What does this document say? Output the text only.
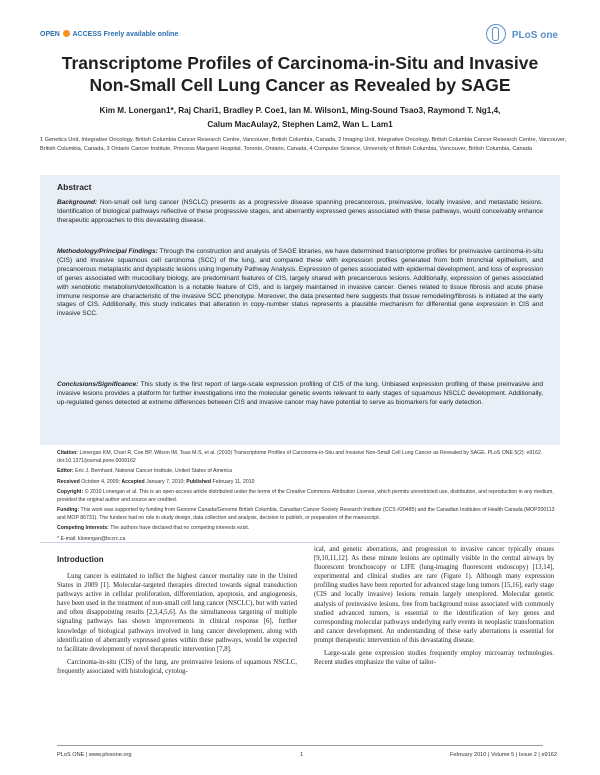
OPEN ACCESS Freely available online	PLoS one
Transcriptome Profiles of Carcinoma-in-Situ and Invasive
Non-Small Cell Lung Cancer as Revealed by SAGE
Kim M. Lonergan1*, Raj Chari1, Bradley P. Coe1, Ian M. Wilson1, Ming-Sound Tsao3, Raymond T. Ng1,4,
Calum MacAulay2, Stephen Lam2, Wan L. Lam1
1 Genetics Unit, Integrative Oncology, British Columbia Cancer Research Centre, Vancouver, British Columbia, Canada, 2 Imaging Unit, Integrative Oncology, British Columbia Cancer Research Centre, Vancouver, British Columbia, Canada, 3 Ontario Cancer Institute, Princess Margaret Hospital, Toronto, Ontario, Canada, 4 Computer Science, University of British Columbia, Vancouver, British Columbia, Canada
Abstract
Background: Non-small cell lung cancer (NSCLC) presents as a progressive disease spanning precancerous, preinvasive, locally invasive, and metastatic lesions. Identification of biological pathways reflective of these progressive stages, and aberrantly expressed genes associated with these pathways, would conceivably enhance therapeutic approaches to this devastating disease.
Methodology/Principal Findings: Through the construction and analysis of SAGE libraries, we have determined transcriptome profiles for preinvasive carcinoma-in-situ (CIS) and invasive squamous cell carcinoma (SCC) of the lung, and compared these with expression profiles generated from both bronchial epithelium, and precancerous metaplastic and dysplastic lesions using Ingenuity Pathway Analysis. Expression of genes associated with epidermal development, and loss of expression of genes associated with mucociliary biology, are predominant features of CIS, largely shared with precancerous lesions. Additionally, expression of genes associated with xenobiotic metabolism/detoxification is a notable feature of CIS, and is largely maintained in invasive cancer. Genes related to tissue fibrosis and acute phase immune response are characteristic of the invasive SCC phenotype. Moreover, the data presented here suggests that tissue remodeling/fibrosis is initiated at the early stages of CIS. Additionally, this study indicates that alteration in copy-number status represents a plausible mechanism for differential gene expression in CIS and invasive SCC.
Conclusions/Significance: This study is the first report of large-scale expression profiling of CIS of the lung. Unbiased expression profiling of these preinvasive and invasive lesions provides a platform for further investigations into the molecular genetic events relevant to early stages of squamous NSCLC development. Additionally, up-regulated genes detected at extreme differences between CIS and invasive cancer may have potential to serve as biomarkers for early detection.
Citation: Lonergan KM, Chari R, Coe BP, Wilson IM, Tsao M-S, et al. (2010) Transcriptome Profiles of Carcinoma-in-Situ and Invasive Non-Small Cell Lung Cancer as Revealed by SAGE. PLoS ONE 5(2): e9162. doi:10.1371/journal.pone.0009162
Editor: Eric J. Bernhard, National Cancer Institute, United States of America
Received October 4, 2009; Accepted January 7, 2010; Published February 11, 2010
Copyright: © 2010 Lonergan et al. This is an open-access article distributed under the terms of the Creative Commons Attribution License, which permits unrestricted use, distribution, and reproduction in any medium, provided the original author and source are credited.
Funding: This work was supported by funding from Genome Canada/Genome British Columbia, Canadian Cancer Society Research Institute (CCS #20485) and the Canadian Institutes of Health Canada (MOP200113 and MOP 86731). The funders had no role in study design, data collection and analysis, decision to publish, or preparation of the manuscript.
Competing Interests: The authors have declared that no competing interests exist.
* E-mail: klonergan@bccrc.ca
Introduction

Lung cancer is estimated to inflict the highest cancer mortality rate in the United States in 2009 [1]. Molecular-targeted therapies directed towards signal transduction pathways active in cellular proliferation, differentiation, apoptosis, and angiogenesis, have been used in the treatment of non-small cell lung cancer (NSCLC), but with varied and often disappointing results [2,3,4,5,6]. As the simultaneous targeting of multiple signaling pathways has shown improvements in clinical response [6], further knowledge of biological pathways involved in lung cancer development, along with identification of aberrantly expressed genes within these pathways, would be expected to facilitate development of novel therapeutic intervention [7,8].

Carcinoma-in-situ (CIS) of the lung, are preinvasive lesions of squamous NSCLC, frequently associated with histological, cytolog-

ical, and genetic aberrations, and progression to invasive cancer typically ensues [9,10,11,12]. As these minute lesions are optimally visible in the central airways by fluorescent bronchoscopy or LIFE (lung-imaging fluorescent endoscopy) [13,14], experimental and clinical studies are rare (Figure 1). Although many expression profiling studies have been reported for advanced stage lung tumors [15,16], early stage (CIS and locally invasive) lesions remain largely unexplored. Molecular genetic analysis of preinvasive lesions, free from background noise associated with commonly studied advanced tumors, is essential to the identification of key genes and corresponding molecular pathways underlying early events in neoplastic transformation and cancer development. An understanding of these early aberrations is essential for prompt therapeutic intervention of this devastating disease.

Large-scale gene expression studies frequently employ microarray technologies. Recent studies emphasize the value of tailor-

PLoS ONE | www.plosone.org	1	February 2010 | Volume 5 | Issue 2 | e9162
